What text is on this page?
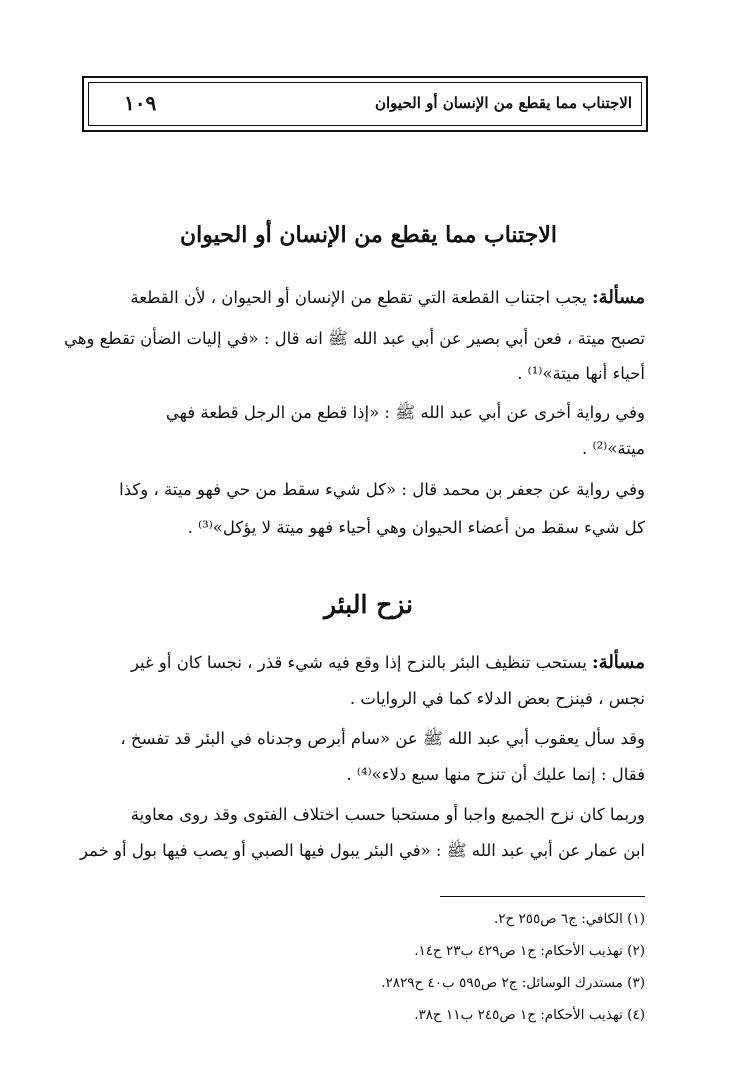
الاجتناب مما يقطع من الإنسان أو الحيوان
١٠٩
الاجتناب مما يقطع من الإنسان أو الحيوان
مسألة: يجب اجتناب القطعة التي تقطع من الإنسان أو الحيوان ، لأن القطعة
تصبح ميتة ، فعن أبي بصير عن أبي عبد الله ﷺ انه قال : «في إليات الضأن تقطع وهي
أحياء أنها ميتة»⁽¹⁾ .
وفي رواية أخرى عن أبي عبد الله ﷺ : «إذا قطع من الرجل قطعة فهي
ميتة»⁽²⁾ .
وفي رواية عن جعفر بن محمد قال : «كل شيء سقط من حي فهو ميتة ، وكذا
كل شيء سقط من أعضاء الحيوان وهي أحياء فهو ميتة لا يؤكل»⁽³⁾ .
نزح البئر
مسألة: يستحب تنظيف البئر بالنزح إذا وقع فيه شيء قذر ، نجسا كان أو غير
نجس ، فينزح بعض الدلاء كما في الروايات .
وقد سأل يعقوب أبي عبد الله ﷺ عن «سام أبرص وجدناه في البئر قد تفسخ ،
فقال : إنما عليك أن تنزح منها سبع دلاء»⁽⁴⁾ .
وربما كان نزح الجميع واجبا أو مستحبا حسب اختلاف الفتوى وقد روى معاوية
ابن عمار عن أبي عبد الله ﷺ : «في البئر يبول فيها الصبي أو يصب فيها بول أو خمر
(١) الكافي: ج٦ ص٢٥٥ ح٢.
(٢) تهذيب الأحكام: ج١ ص٤٢٩ ب٢٣ ح١٤.
(٣) مستدرك الوسائل: ج٢ ص٥٩٥ ب٤٠ ح٢٨٢٩.
(٤) تهذيب الأحكام: ج١ ص٢٤٥ ب١١ ح٣٨.
